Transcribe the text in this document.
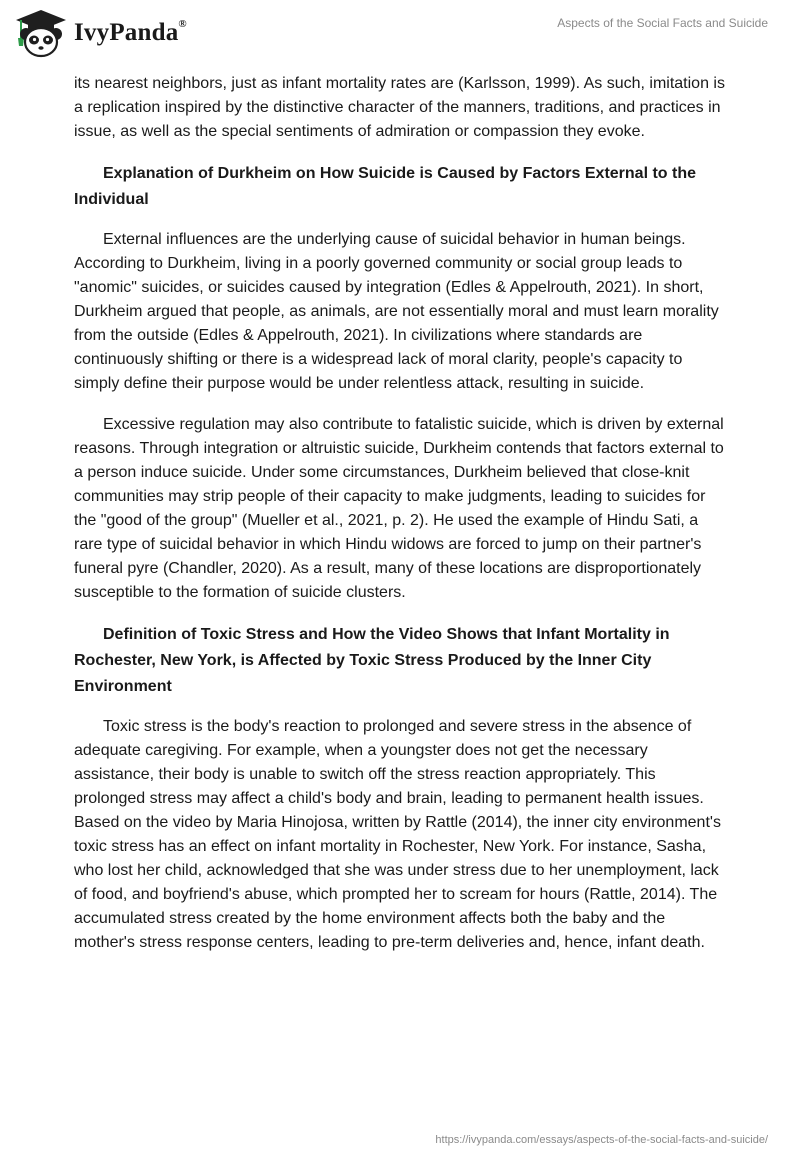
IvyPanda®	Aspects of the Social Facts and Suicide

its nearest neighbors, just as infant mortality rates are (Karlsson, 1999). As such, imitation is a replication inspired by the distinctive character of the manners, traditions, and practices in issue, as well as the special sentiments of admiration or compassion they evoke.

Explanation of Durkheim on How Suicide is Caused by Factors External to the Individual

External influences are the underlying cause of suicidal behavior in human beings. According to Durkheim, living in a poorly governed community or social group leads to "anomic" suicides, or suicides caused by integration (Edles & Appelrouth, 2021). In short, Durkheim argued that people, as animals, are not essentially moral and must learn morality from the outside (Edles & Appelrouth, 2021). In civilizations where standards are continuously shifting or there is a widespread lack of moral clarity, people's capacity to simply define their purpose would be under relentless attack, resulting in suicide.

Excessive regulation may also contribute to fatalistic suicide, which is driven by external reasons. Through integration or altruistic suicide, Durkheim contends that factors external to a person induce suicide. Under some circumstances, Durkheim believed that close-knit communities may strip people of their capacity to make judgments, leading to suicides for the "good of the group" (Mueller et al., 2021, p. 2). He used the example of Hindu Sati, a rare type of suicidal behavior in which Hindu widows are forced to jump on their partner's funeral pyre (Chandler, 2020). As a result, many of these locations are disproportionately susceptible to the formation of suicide clusters.

Definition of Toxic Stress and How the Video Shows that Infant Mortality in Rochester, New York, is Affected by Toxic Stress Produced by the Inner City Environment

Toxic stress is the body's reaction to prolonged and severe stress in the absence of adequate caregiving. For example, when a youngster does not get the necessary assistance, their body is unable to switch off the stress reaction appropriately. This prolonged stress may affect a child's body and brain, leading to permanent health issues. Based on the video by Maria Hinojosa, written by Rattle (2014), the inner city environment's toxic stress has an effect on infant mortality in Rochester, New York. For instance, Sasha, who lost her child, acknowledged that she was under stress due to her unemployment, lack of food, and boyfriend's abuse, which prompted her to scream for hours (Rattle, 2014). The accumulated stress created by the home environment affects both the baby and the mother's stress response centers, leading to pre-term deliveries and, hence, infant death.

https://ivypanda.com/essays/aspects-of-the-social-facts-and-suicide/
